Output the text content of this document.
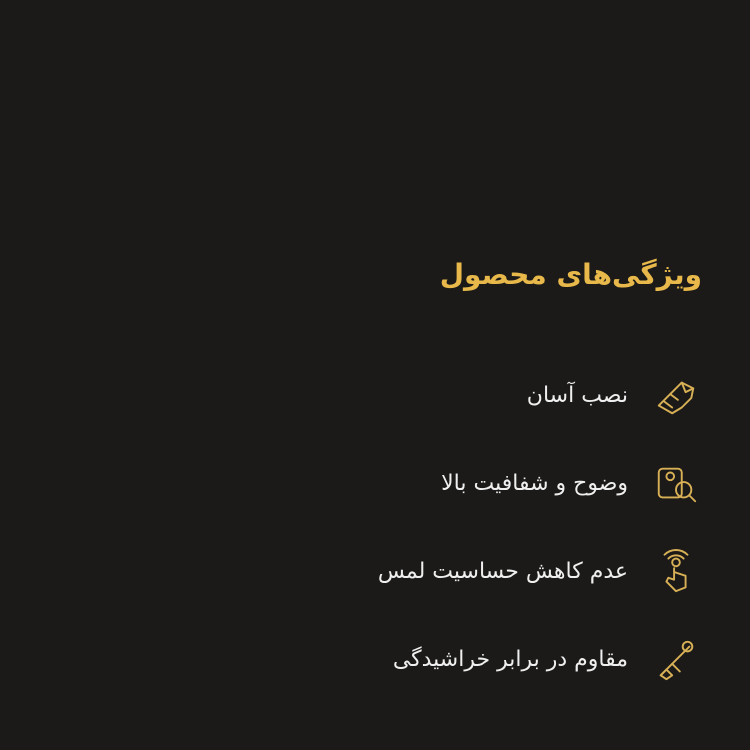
ویژگی‌های محصول
نصب آسان
وضوح و شفافیت بالا
عدم کاهش حساسیت لمس
مقاوم در برابر خراشیدگی
